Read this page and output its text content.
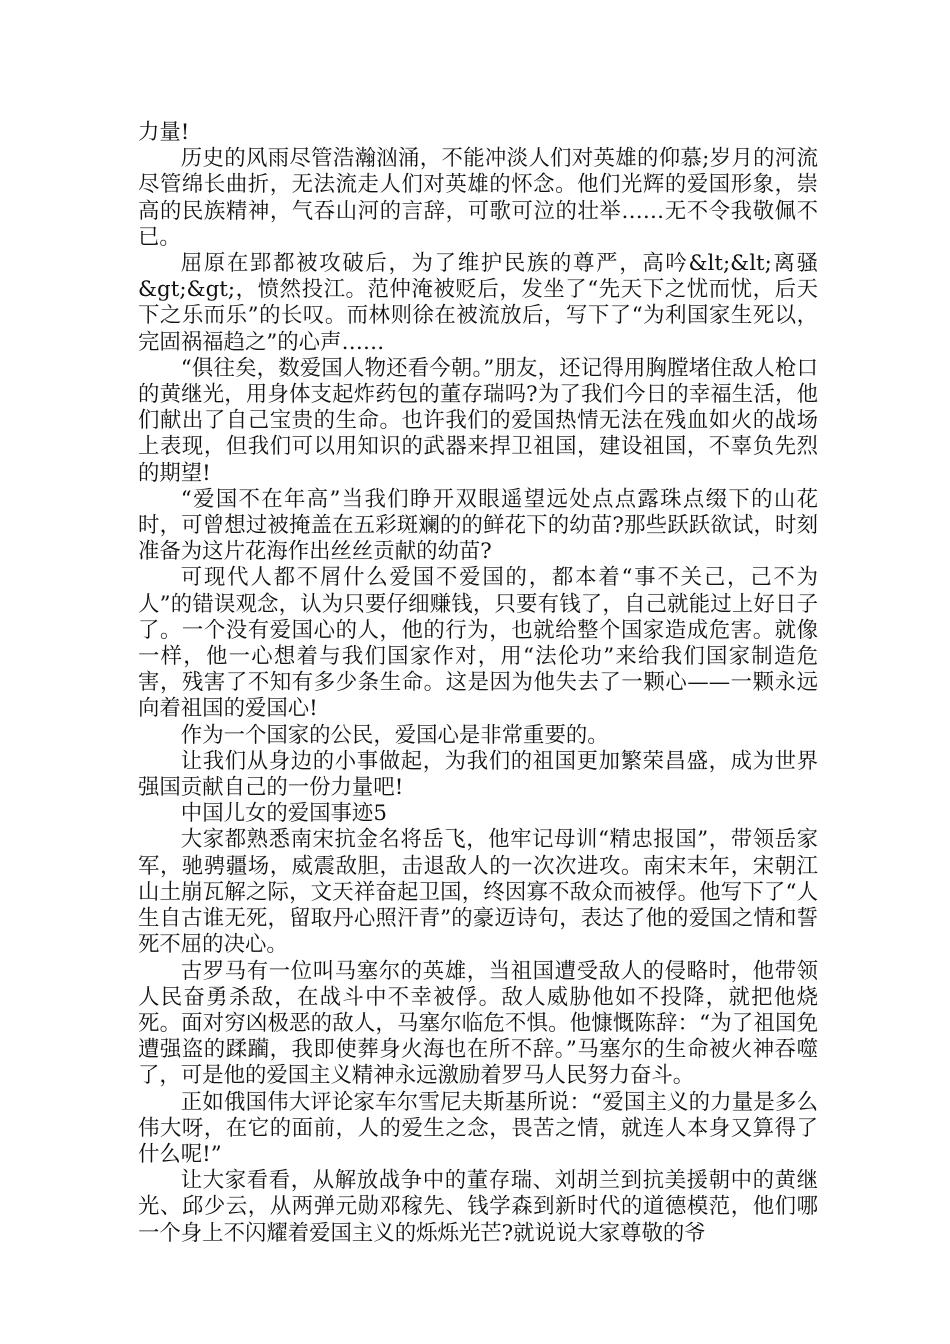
力量!

历史的风雨尽管浩瀚汹涌，不能冲淡人们对英雄的仰慕;岁月的河流尽管绵长曲折，无法流走人们对英雄的怀念。他们光辉的爱国形象，崇高的民族精神，气吞山河的言辞，可歌可泣的壮举……无不令我敬佩不已。

屈原在郢都被攻破后，为了维护民族的尊严，高吟&lt;&lt;离骚&gt;&gt;，愤然投江。范仲淹被贬后，发坐了“先天下之忧而忧，后天下之乐而乐”的长叹。而林则徐在被流放后，写下了“为利国家生死以，完固祸福趋之”的心声……

“俱往矣，数爱国人物还看今朝。”朋友，还记得用胸膛堵住敌人枪口的黄继光，用身体支起炸药包的董存瑞吗?为了我们今日的幸福生活，他们献出了自己宝贵的生命。也许我们的爱国热情无法在残血如火的战场上表现，但我们可以用知识的武器来捍卫祖国，建设祖国，不辜负先烈的期望!

“爱国不在年高”当我们睁开双眼遥望远处点点露珠点缀下的山花时，可曾想过被掩盖在五彩斑斓的的鲜花下的幼苗?那些跃跃欲试，时刻准备为这片花海作出丝丝贡献的幼苗?

可现代人都不屑什么爱国不爱国的，都本着“事不关己，己不为人”的错误观念，认为只要仔细赚钱，只要有钱了，自己就能过上好日子了。一个没有爱国心的人，他的行为，也就给整个国家造成危害。就像一样，他一心想着与我们国家作对，用“法伦功”来给我们国家制造危害，残害了不知有多少条生命。这是因为他失去了一颗心——一颗永远向着祖国的爱国心!

作为一个国家的公民，爱国心是非常重要的。

让我们从身边的小事做起，为我们的祖国更加繁荣昌盛，成为世界强国贡献自己的一份力量吧!

中国儿女的爱国事迹5

大家都熟悉南宋抗金名将岳飞，他牢记母训“精忠报国”，带领岳家军，驰骋疆场，威震敌胆，击退敌人的一次次进攻。南宋末年，宋朝江山土崩瓦解之际，文天祥奋起卫国，终因寡不敌众而被俘。他写下了“人生自古谁无死，留取丹心照汗青”的豪迈诗句，表达了他的爱国之情和誓死不屈的决心。

古罗马有一位叫马塞尔的英雄，当祖国遭受敌人的侵略时，他带领人民奋勇杀敌，在战斗中不幸被俘。敌人威胁他如不投降，就把他烧死。面对穷凶极恶的敌人，马塞尔临危不惧。他慷慨陈辞：“为了祖国免遭强盗的蹂躏，我即使葬身火海也在所不辞。”马塞尔的生命被火神吞噬了，可是他的爱国主义精神永远激励着罗马人民努力奋斗。

正如俄国伟大评论家车尔雪尼夫斯基所说：“爱国主义的力量是多么伟大呀，在它的面前，人的爱生之念，畏苦之情，就连人本身又算得了什么呢!”

让大家看看，从解放战争中的董存瑞、刘胡兰到抗美援朝中的黄继光、邱少云，从两弹元勋邓稼先、钱学森到新时代的道德模范，他们哪一个身上不闪耀着爱国主义的烁烁光芒?就说说大家尊敬的爷
